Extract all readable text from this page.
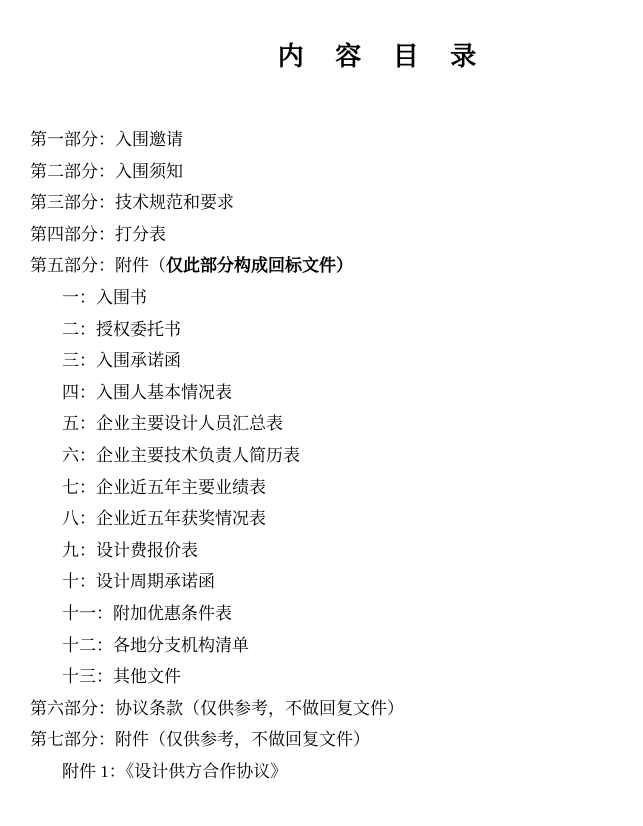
内 容 目 录
第一部分：入围邀请
第二部分：入围须知
第三部分：技术规范和要求
第四部分：打分表
第五部分：附件（仅此部分构成回标文件）
一：入围书
二：授权委托书
三：入围承诺函
四：入围人基本情况表
五：企业主要设计人员汇总表
六：企业主要技术负责人简历表
七：企业近五年主要业绩表
八：企业近五年获奖情况表
九：设计费报价表
十：设计周期承诺函
十一：附加优惠条件表
十二：各地分支机构清单
十三：其他文件
第六部分：协议条款（仅供参考，不做回复文件）
第七部分：附件（仅供参考，不做回复文件）
附件 1：《设计供方合作协议》
